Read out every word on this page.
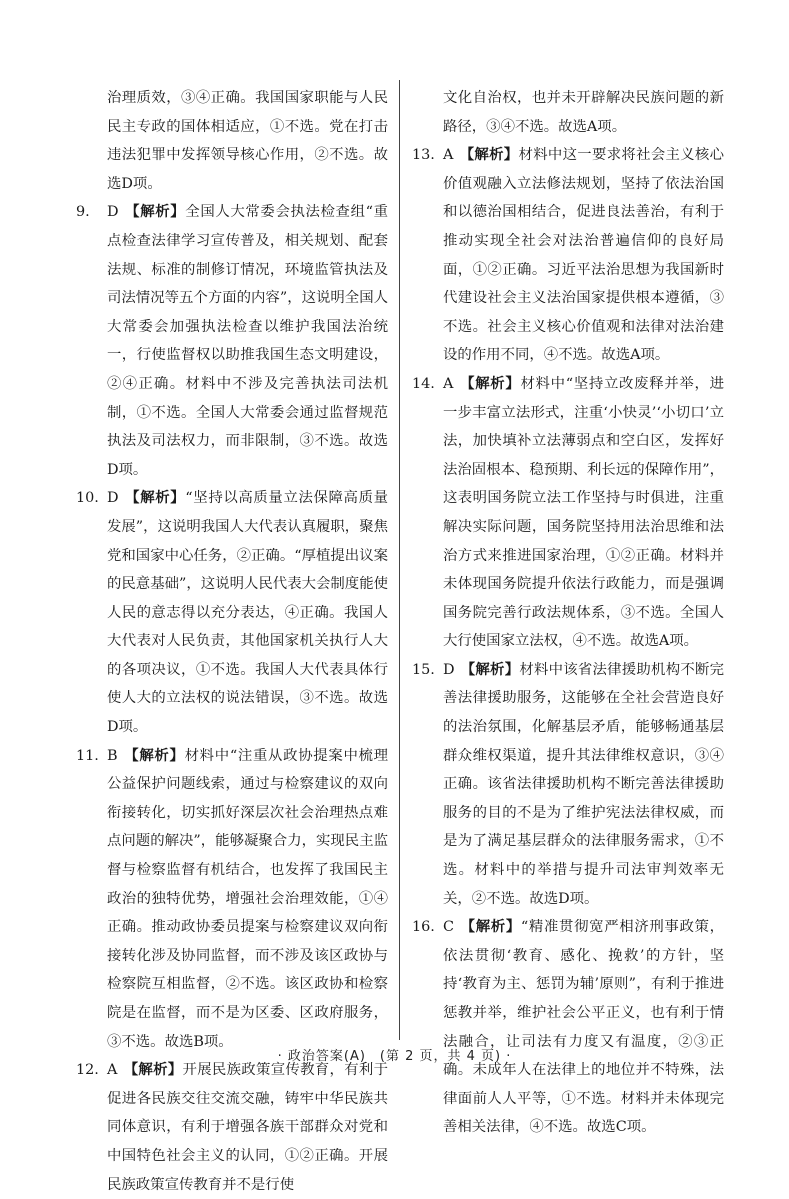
治理质效，③④正确。我国国家职能与人民民主专政的国体相适应，①不选。党在打击违法犯罪中发挥领导核心作用，②不选。故选D项。

9. D 【解析】全国人大常委会执法检查组“重点检查法律学习宣传普及，相关规划、配套法规、标准的制修订情况，环境监管执法及司法情况等五个方面的内容”，这说明全国人大常委会加强执法检查以维护我国法治统一，行使监督权以助推我国生态文明建设，②④正确。材料中不涉及完善执法司法机制，①不选。全国人大常委会通过监督规范执法及司法权力，而非限制，③不选。故选D项。

10. D 【解析】“坚持以高质量立法保障高质量发展”，这说明我国人大代表认真履职，聚焦党和国家中心任务，②正确。“厚植提出议案的民意基础”，这说明人民代表大会制度能使人民的意志得以充分表达，④正确。我国人大代表对人民负责，其他国家机关执行人大的各项决议，①不选。我国人大代表具体行使人大的立法权的说法错误，③不选。故选D项。

11. B 【解析】材料中“注重从政协提案中梳理公益保护问题线索，通过与检察建议的双向衔接转化，切实抓好深层次社会治理热点难点问题的解决”，能够凝聚合力，实现民主监督与检察监督有机结合，也发挥了我国民主政治的独特优势，增强社会治理效能，①④正确。推动政协委员提案与检察建议双向衔接转化涉及协同监督，而不涉及该区政协与检察院互相监督，②不选。该区政协和检察院是在监督，而不是为区委、区政府服务，③不选。故选B项。

12. A 【解析】开展民族政策宣传教育，有利于促进各民族交往交流交融，铸牢中华民族共同体意识，有利于增强各族干部群众对党和中国特色社会主义的认同，①②正确。开展民族政策宣传教育并不是行使

文化自治权，也并未开辟解决民族问题的新路径，③④不选。故选A项。

13. A 【解析】材料中这一要求将社会主义核心价值观融入立法修法规划，坚持了依法治国和以德治国相结合，促进良法善治，有利于推动实现全社会对法治普遍信仰的良好局面，①②正确。习近平法治思想为我国新时代建设社会主义法治国家提供根本遵循，③不选。社会主义核心价值观和法律对法治建设的作用不同，④不选。故选A项。

14. A 【解析】材料中“坚持立改废释并举，进一步丰富立法形式，注重‘小快灵’‘小切口’立法，加快填补立法薄弱点和空白区，发挥好法治固根本、稳预期、利长远的保障作用”，这表明国务院立法工作坚持与时俱进，注重解决实际问题，国务院坚持用法治思维和法治方式来推进国家治理，①②正确。材料并未体现国务院提升依法行政能力，而是强调国务院完善行政法规体系，③不选。全国人大行使国家立法权，④不选。故选A项。

15. D 【解析】材料中该省法律援助机构不断完善法律援助服务，这能够在全社会营造良好的法治氛围，化解基层矛盾，能够畅通基层群众维权渠道，提升其法律维权意识，③④正确。该省法律援助机构不断完善法律援助服务的目的不是为了维护宪法法律权威，而是为了满足基层群众的法律服务需求，①不选。材料中的举措与提升司法审判效率无关，②不选。故选D项。

16. C 【解析】“精准贯彻宽严相济刑事政策，依法贯彻‘教育、感化、挽救’的方针，坚持‘教育为主、惩罚为辅’原则”，有利于推进惩教并举，维护社会公平正义，也有利于情法融合，让司法有力度又有温度，②③正确。未成年人在法律上的地位并不特殊，法律面前人人平等，①不选。材料并未体现完善相关法律，④不选。故选C项。

· 政治答案(A)　(第 2 页，共 4 页) ·
